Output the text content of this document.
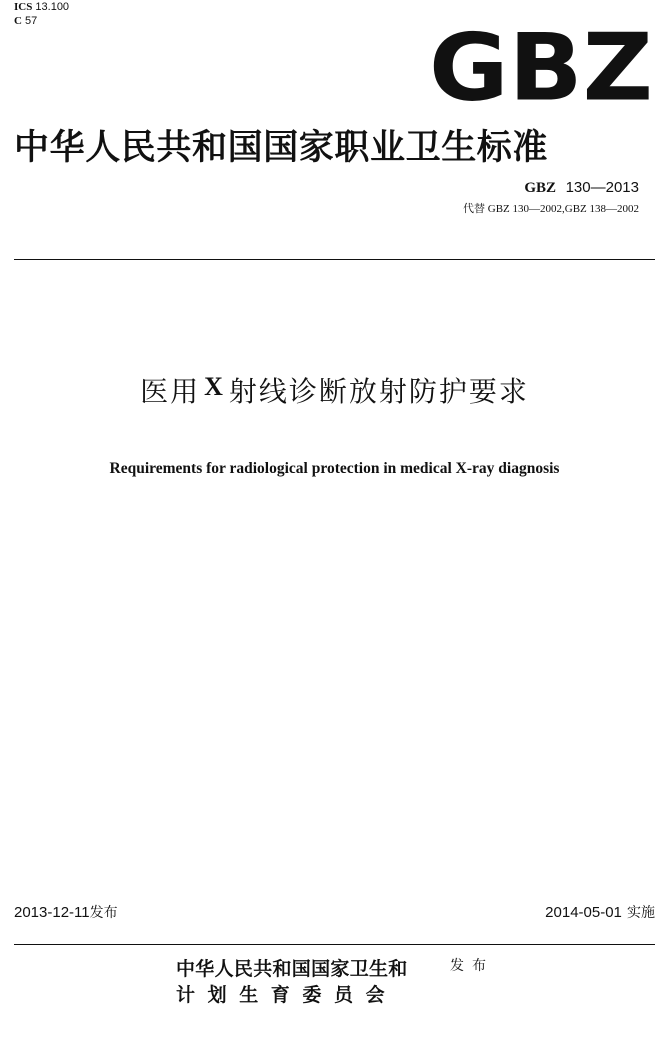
ICS 13.100
C 57	GBZ
中华人民共和国国家职业卫生标准
GBZ 130—2013
代替 GBZ 130—2002,GBZ 138—2002
医用 X 射线诊断放射防护要求
Requirements for radiological protection in medical X-ray diagnosis
2013-12-11发布	2014-05-01 实施
中华人民共和国国家卫生和
计划生育委员会
发布
